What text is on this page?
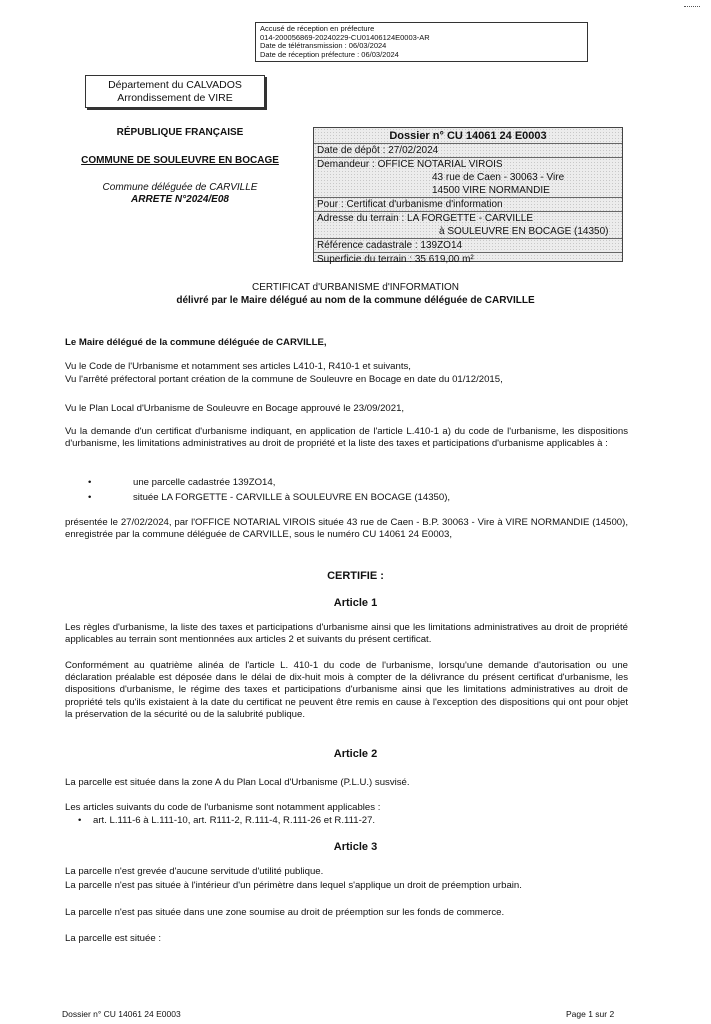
Accusé de réception en préfecture
014-200056869-20240229-CU01406124E0003-AR
Date de télétransmission : 06/03/2024
Date de réception préfecture : 06/03/2024
Département du CALVADOS
Arrondissement de VIRE
RÉPUBLIQUE FRANÇAISE
COMMUNE DE SOULEUVRE EN BOCAGE
Commune déléguée de CARVILLE
ARRETE N°2024/E08
Dossier n° CU 14061 24 E0003
Date de dépôt : 27/02/2024
Demandeur : OFFICE NOTARIAL VIROIS
43 rue de Caen - 30063 - Vire
14500 VIRE NORMANDIE
Pour : Certificat d'urbanisme d'information
Adresse du terrain : LA FORGETTE - CARVILLE
à SOULEUVRE EN BOCAGE (14350)
Référence cadastrale : 139ZO14
Superficie du terrain : 35 619,00 m²
CERTIFICAT d'URBANISME d'INFORMATION
délivré par le Maire délégué au nom de la commune déléguée de CARVILLE
Le Maire délégué de la commune déléguée de CARVILLE,
Vu le Code de l'Urbanisme et notamment ses articles L410-1, R410-1 et suivants,
Vu l'arrêté préfectoral portant création de la commune de Souleuvre en Bocage en date du 01/12/2015,
Vu le Plan Local d'Urbanisme de Souleuvre en Bocage approuvé le 23/09/2021,
Vu la demande d'un certificat d'urbanisme indiquant, en application de l'article L.410-1 a) du code de l'urbanisme, les dispositions d'urbanisme, les limitations administratives au droit de propriété et la liste des taxes et participations d'urbanisme applicables à :
•	une parcelle cadastrée 139ZO14,
•	située LA FORGETTE - CARVILLE à SOULEUVRE EN BOCAGE (14350),
présentée le 27/02/2024, par l'OFFICE NOTARIAL VIROIS située 43 rue de Caen - B.P. 30063 - Vire à VIRE NORMANDIE (14500), enregistrée par la commune déléguée de CARVILLE, sous le numéro CU 14061 24 E0003,
CERTIFIE :
Article 1
Les règles d'urbanisme, la liste des taxes et participations d'urbanisme ainsi que les limitations administratives au droit de propriété applicables au terrain sont mentionnées aux articles 2 et suivants du présent certificat.
Conformément au quatrième alinéa de l'article L. 410-1 du code de l'urbanisme, lorsqu'une demande d'autorisation ou une déclaration préalable est déposée dans le délai de dix-huit mois à compter de la délivrance du présent certificat d'urbanisme, les dispositions d'urbanisme, le régime des taxes et participations d'urbanisme ainsi que les limitations administratives au droit de propriété tels qu'ils existaient à la date du certificat ne peuvent être remis en cause à l'exception des dispositions qui ont pour objet la préservation de la sécurité ou de la salubrité publique.
Article 2
La parcelle est située dans la zone A du Plan Local d'Urbanisme (P.L.U.) susvisé.
Les articles suivants du code de l'urbanisme sont notamment applicables :
• art. L.111-6 à L.111-10, art. R111-2, R.111-4, R.111-26 et R.111-27.
Article 3
La parcelle n'est grevée d'aucune servitude d'utilité publique.
La parcelle n'est pas située à l'intérieur d'un périmètre dans lequel s'applique un droit de préemption urbain.
La parcelle n'est pas située dans une zone soumise au droit de préemption sur les fonds de commerce.
La parcelle est située :
Dossier n° CU 14061 24 E0003	Page 1 sur 2
